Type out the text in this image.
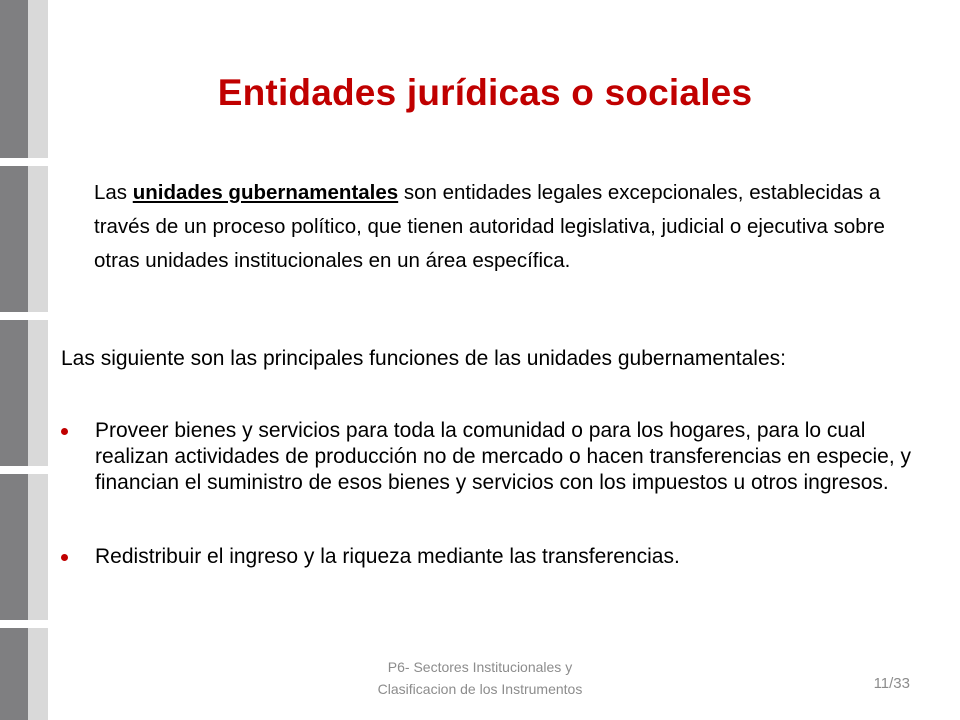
Entidades jurídicas o sociales

Las unidades gubernamentales son entidades legales excepcionales, establecidas a través de un proceso político, que tienen autoridad legislativa, judicial o ejecutiva sobre otras unidades institucionales en un área específica.

Las siguiente son las principales funciones de las unidades gubernamentales:

Proveer bienes y servicios para toda la comunidad o para los hogares, para lo cual realizan actividades de producción no de mercado o hacen transferencias en especie, y financian el suministro de esos bienes y servicios con los impuestos u otros ingresos.
Redistribuir el ingreso y la riqueza mediante las transferencias.

P6- Sectores Institucionales y
Clasificacion de los Instrumentos	11/33
